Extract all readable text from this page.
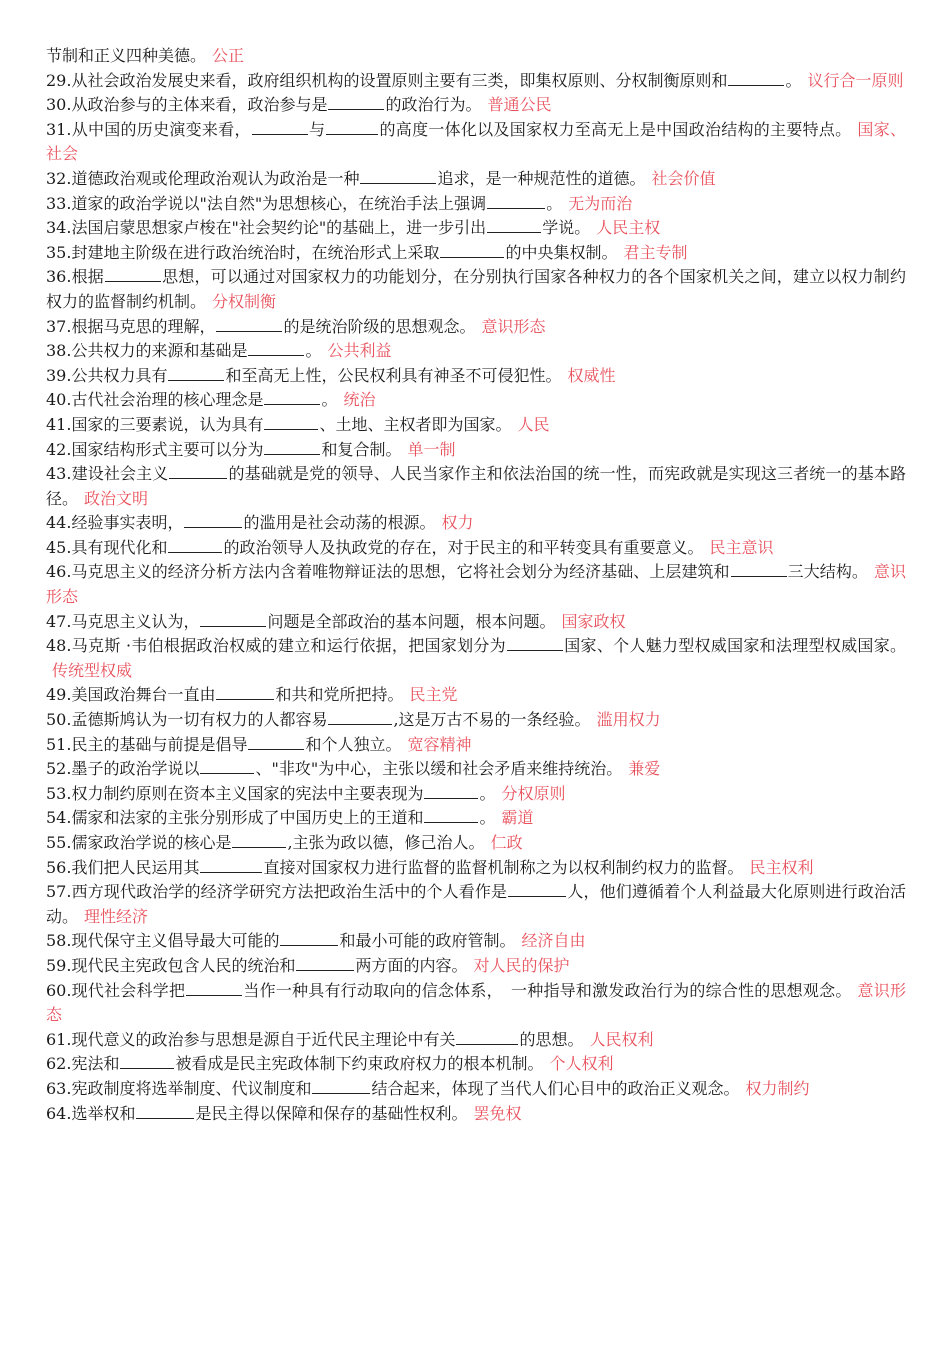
节制和正义四种美德。 公正

29.从社会政治发展史来看，政府组织机构的设置原则主要有三类，即集权原则、分权制衡原则和	。 议行合一原则

30.从政治参与的主体来看，政治参与是	的政治行为。 普通公民

31.从中国的历史演变来看，	与	的高度一体化以及国家权力至高无上是中国政治结构的主要特点。 国家、社会

32.道德政治观或伦理政治观认为政治是一种	追求，是一种规范性的道德。 社会价值

33.道家的政治学说以"法自然"为思想核心，在统治手法上强调	。 无为而治

34.法国启蒙思想家卢梭在"社会契约论"的基础上，进一步引出	学说。 人民主权

35.封建地主阶级在进行政治统治时，在统治形式上采取	的中央集权制。 君主专制

36.根据	思想，可以通过对国家权力的功能划分，在分别执行国家各种权力的各个国家机关之间，建立以权力制约权力的监督制约机制。 分权制衡

37.根据马克思的理解，	的是统治阶级的思想观念。 意识形态

38.公共权力的来源和基础是	。 公共利益

39.公共权力具有	和至高无上性，公民权利具有神圣不可侵犯性。 权威性

40.古代社会治理的核心理念是	。 统治

41.国家的三要素说，认为具有	、土地、主权者即为国家。 人民

42.国家结构形式主要可以分为	和复合制。 单一制

43.建设社会主义	的基础就是党的领导、人民当家作主和依法治国的统一性，而宪政就是实现这三者统一的基本路径。 政治文明

44.经验事实表明，	的滥用是社会动荡的根源。 权力

45.具有现代化和	的政治领导人及执政党的存在，对于民主的和平转变具有重要意义。 民主意识

46.马克思主义的经济分析方法内含着唯物辩证法的思想，它将社会划分为经济基础、上层建筑和	三大结构。 意识形态

47.马克思主义认为，	问题是全部政治的基本问题，根本问题。 国家政权

48.马克斯 ·韦伯根据政治权威的建立和运行依据，把国家划分为	国家、个人魅力型权威国家和法理型权威国家。传统型权威

49.美国政治舞台一直由	和共和党所把持。 民主党

50.孟德斯鸠认为一切有权力的人都容易	,这是万古不易的一条经验。 滥用权力

51.民主的基础与前提是倡导	和个人独立。 宽容精神

52.墨子的政治学说以	、"非攻"为中心，主张以缓和社会矛盾来维持统治。 兼爱

53.权力制约原则在资本主义国家的宪法中主要表现为	。 分权原则

54.儒家和法家的主张分别形成了中国历史上的王道和	。 霸道

55.儒家政治学说的核心是	,主张为政以德，修己治人。 仁政

56.我们把人民运用其	直接对国家权力进行监督的监督机制称之为以权利制约权力的监督。 民主权利

57.西方现代政治学的经济学研究方法把政治生活中的个人看作是	人，他们遵循着个人利益最大化原则进行政治活动。 理性经济

58.现代保守主义倡导最大可能的	和最小可能的政府管制。 经济自由

59.现代民主宪政包含人民的统治和	两方面的内容。 对人民的保护

60.现代社会科学把	当作一种具有行动取向的信念体系，　一种指导和激发政治行为的综合性的思想观念。 意识形态

61.现代意义的政治参与思想是源自于近代民主理论中有关	的思想。 人民权利

62.宪法和	被看成是民主宪政体制下约束政府权力的根本机制。 个人权利

63.宪政制度将选举制度、代议制度和	结合起来，体现了当代人们心目中的政治正义观念。 权力制约

64.选举权和	是民主得以保障和保存的基础性权利。 罢免权
